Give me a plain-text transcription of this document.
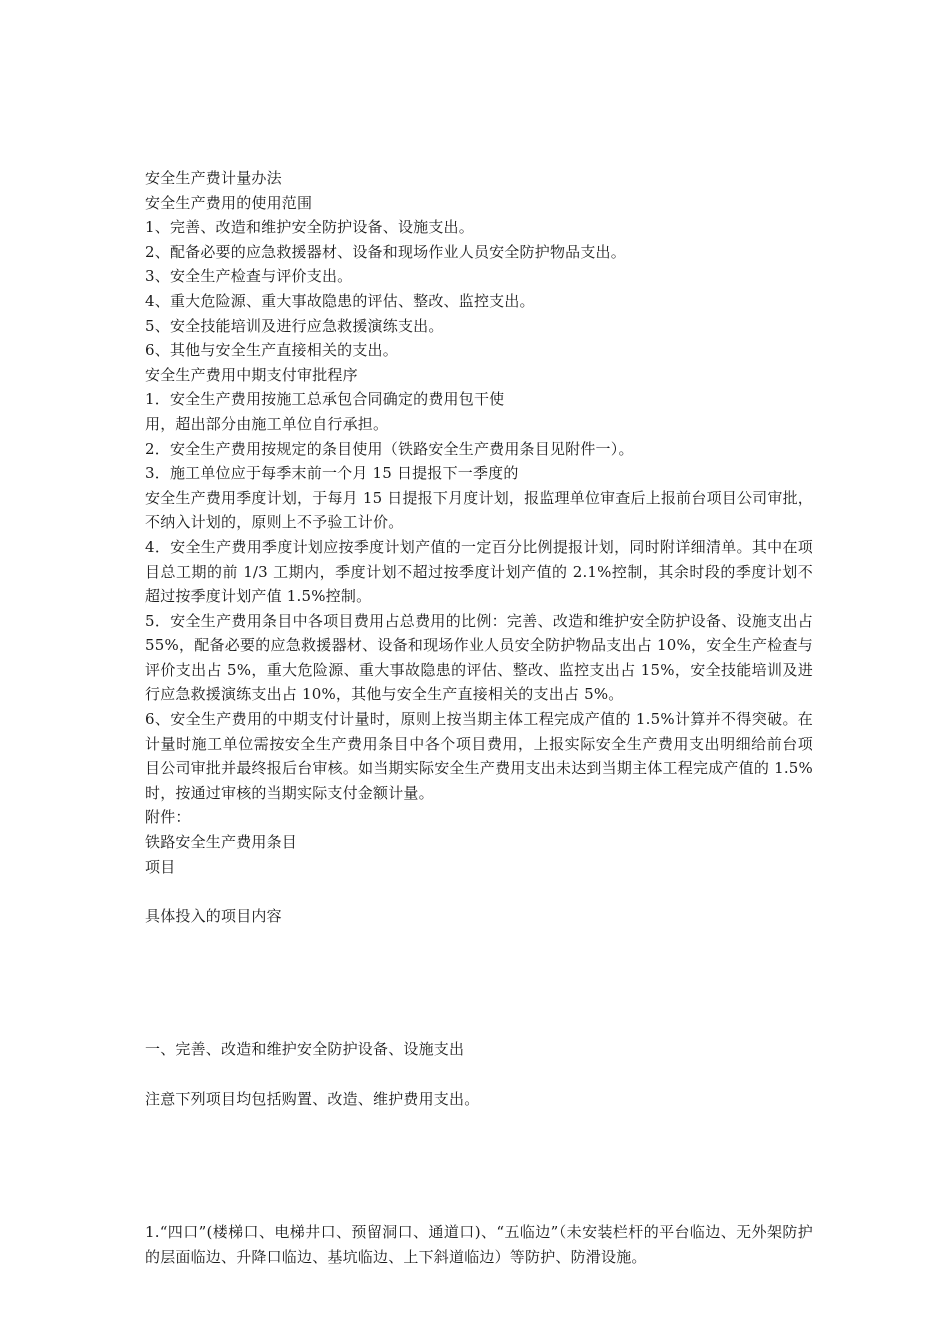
安全生产费计量办法
安全生产费用的使用范围
1、完善、改造和维护安全防护设备、设施支出。
2、配备必要的应急救援器材、设备和现场作业人员安全防护物品支出。
3、安全生产检查与评价支出。
4、重大危险源、重大事故隐患的评估、整改、监控支出。
5、安全技能培训及进行应急救援演练支出。
6、其他与安全生产直接相关的支出。
安全生产费用中期支付审批程序
1．安全生产费用按施工总承包合同确定的费用包干使
用，超出部分由施工单位自行承担。
2．安全生产费用按规定的条目使用（铁路安全生产费用条目见附件一）。
3．施工单位应于每季末前一个月 15 日提报下一季度的
安全生产费用季度计划，于每月 15 日提报下月度计划，报监理单位审查后上报前台项目公司审批，不纳入计划的，原则上不予验工计价。
4．安全生产费用季度计划应按季度计划产值的一定百分比例提报计划，同时附详细清单。其中在项目总工期的前 1/3 工期内，季度计划不超过按季度计划产值的 2.1%控制，其余时段的季度计划不超过按季度计划产值 1.5%控制。
5．安全生产费用条目中各项目费用占总费用的比例：完善、改造和维护安全防护设备、设施支出占 55%，配备必要的应急救援器材、设备和现场作业人员安全防护物品支出占 10%，安全生产检查与评价支出占 5%，重大危险源、重大事故隐患的评估、整改、监控支出占 15%，安全技能培训及进行应急救援演练支出占 10%，其他与安全生产直接相关的支出占 5%。
6、安全生产费用的中期支付计量时，原则上按当期主体工程完成产值的 1.5%计算并不得突破。在计量时施工单位需按安全生产费用条目中各个项目费用，上报实际安全生产费用支出明细给前台项目公司审批并最终报后台审核。如当期实际安全生产费用支出未达到当期主体工程完成产值的 1.5%时，按通过审核的当期实际支付金额计量。
附件：
铁路安全生产费用条目
项目
具体投入的项目内容
一、完善、改造和维护安全防护设备、设施支出
注意下列项目均包括购置、改造、维护费用支出。
1.“四口”(楼梯口、电梯井口、预留洞口、通道口)、“五临边”（未安装栏杆的平台临边、无外架防护的层面临边、升降口临边、基坑临边、上下斜道临边）等防护、防滑设施。
